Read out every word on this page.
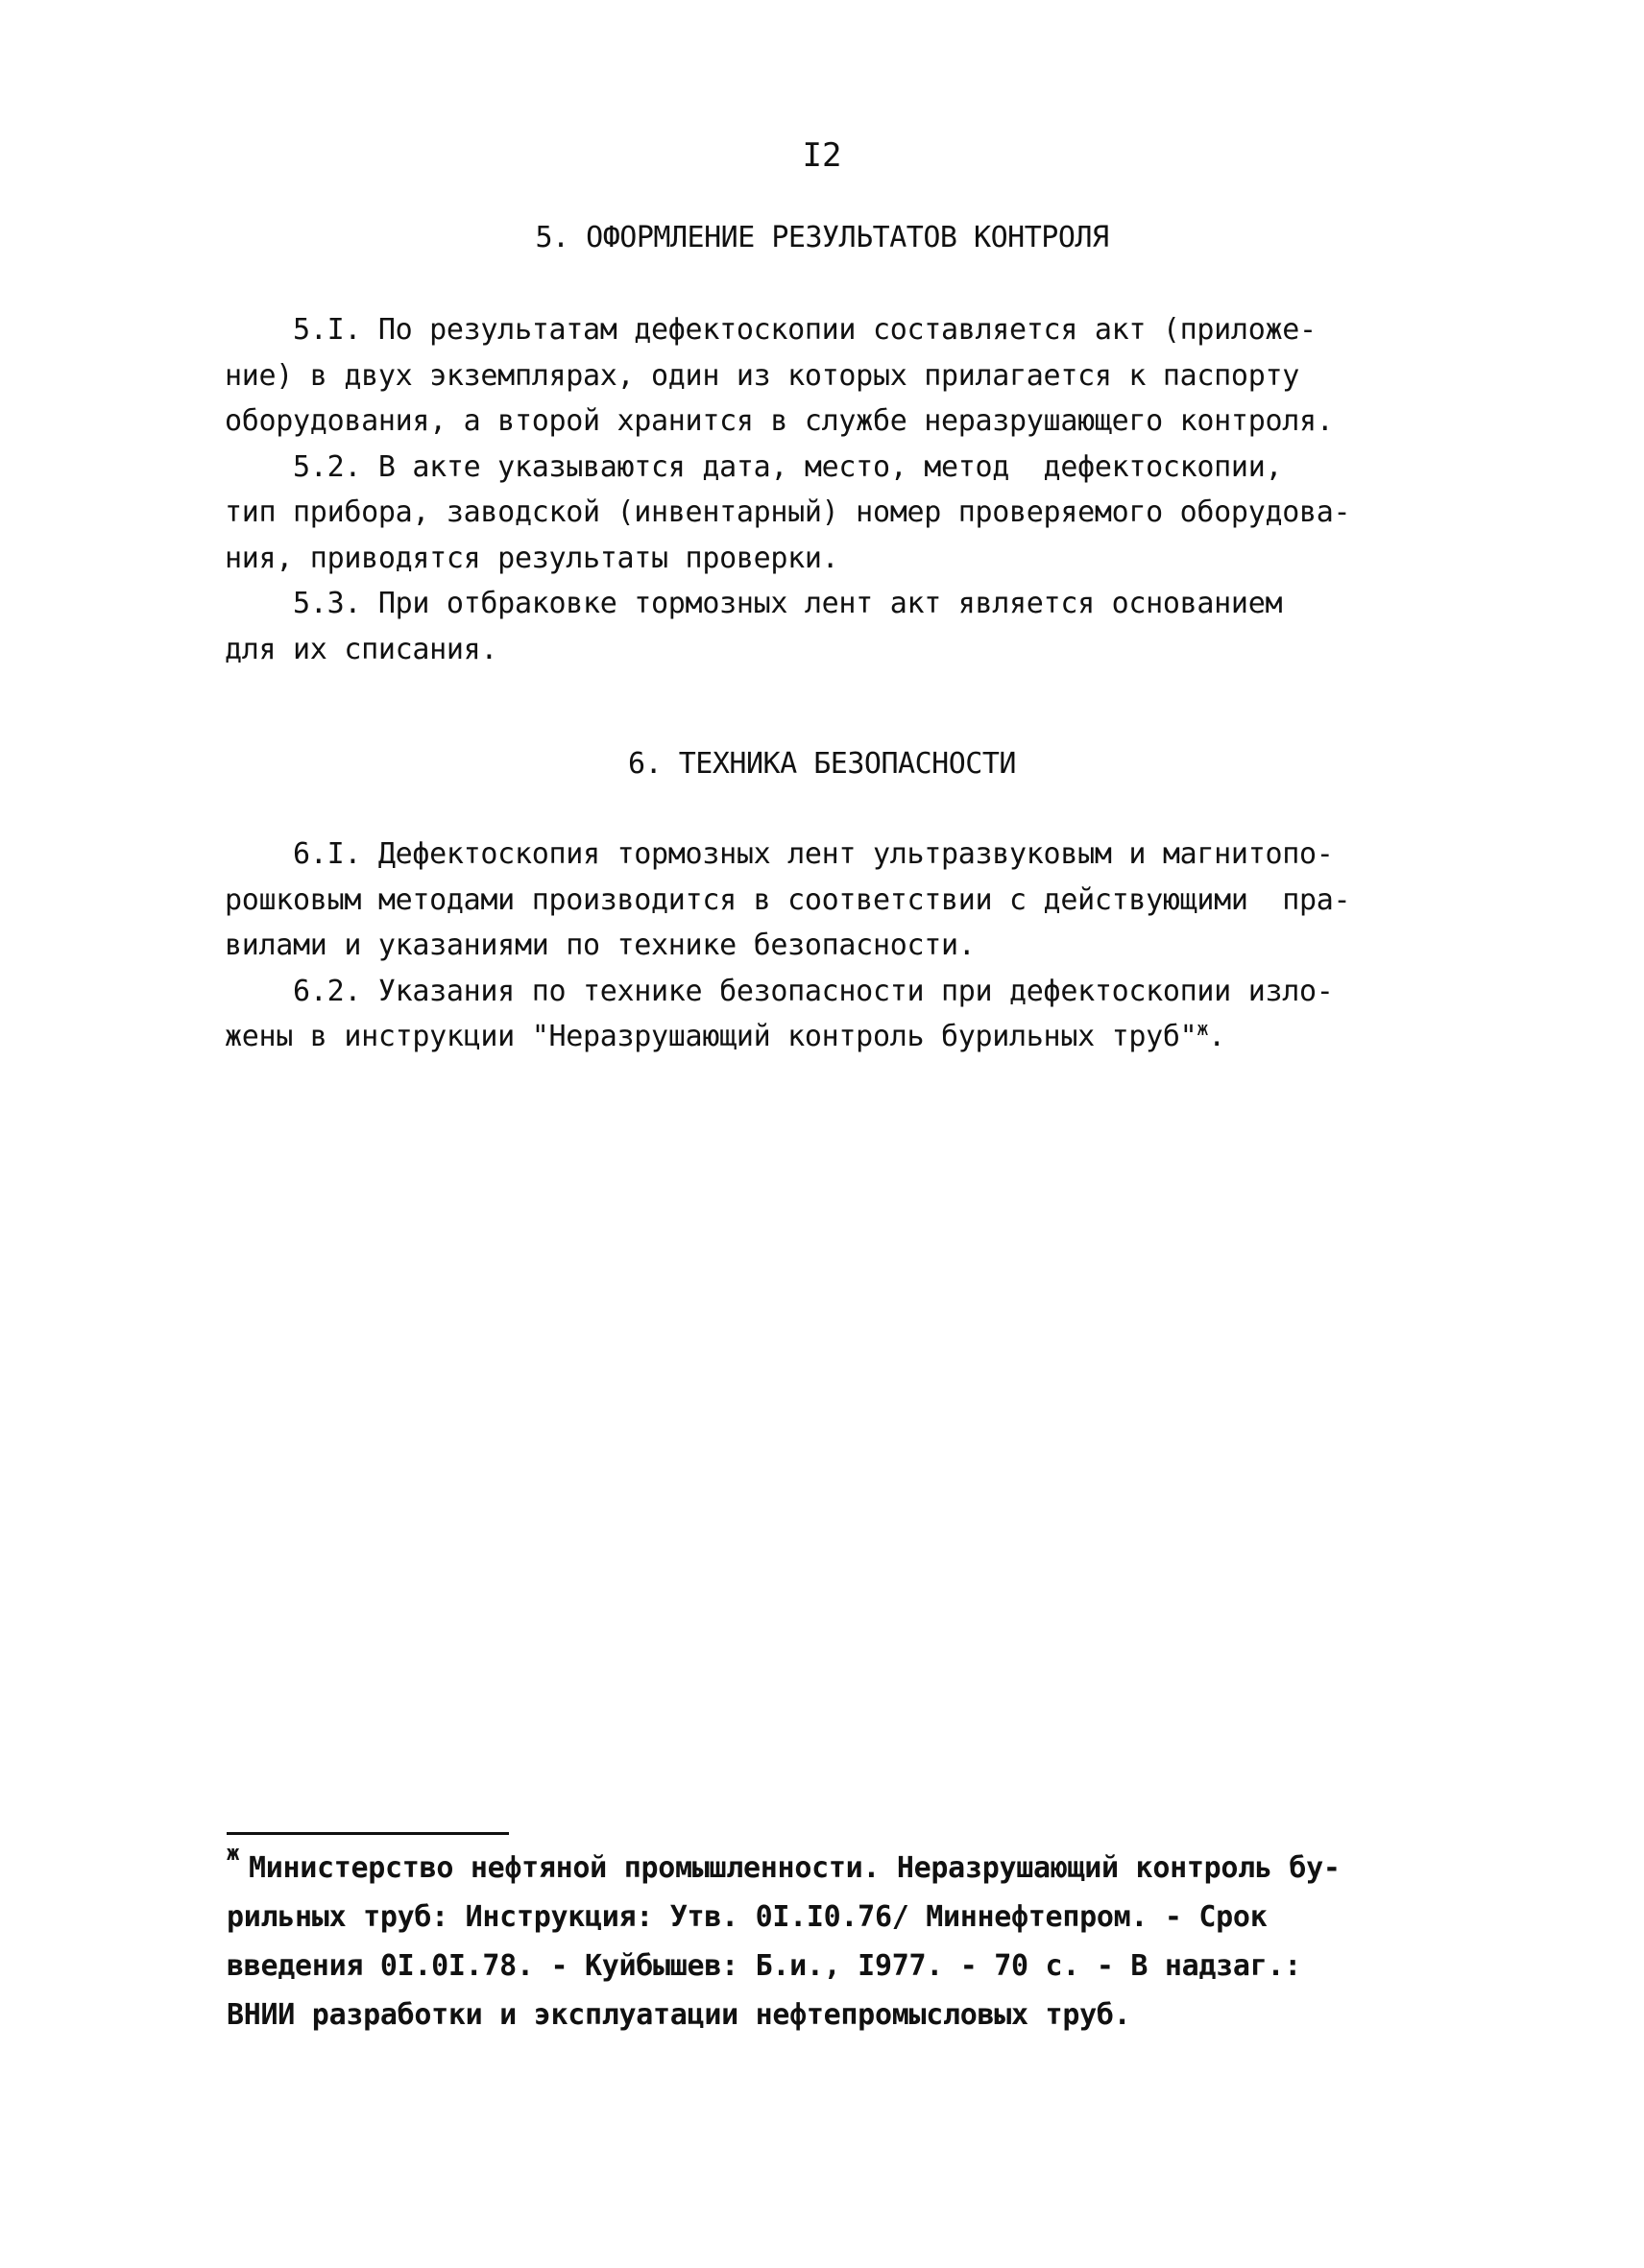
I2
5. ОФОРМЛЕНИЕ РЕЗУЛЬТАТОВ КОНТРОЛЯ
5.I. По результатам дефектоскопии составляется акт (приложе-
ние) в двух экземплярах, один из которых прилагается к паспорту
оборудования, а второй хранится в службе неразрушающего контроля.
5.2. В акте указываются дата, место, метод  дефектоскопии,
тип прибора, заводской (инвентарный) номер проверяемого оборудова-
ния, приводятся результаты проверки.
5.3. При отбраковке тормозных лент акт является основанием
для их списания.
6. ТЕХНИКА БЕЗОПАСНОСТИ
6.I. Дефектоскопия тормозных лент ультразвуковым и магнитопо-
рошковым методами производится в соответствии с действующими  пра-
вилами и указаниями по технике безопасности.
6.2. Указания по технике безопасности при дефектоскопии изло-
жены в инструкции "Неразрушающий контроль бурильных труб"$^ж$.
ж Министерство нефтяной промышленности. Неразрушающий контроль бу-
рильных труб: Инструкция: Утв. 0I.I0.76/ Миннефтепром. - Срок
введения 0I.0I.78. - Куйбышев: Б.и., I977. - 70 с. - В надзаг.:
ВНИИ разработки и эксплуатации нефтепромысловых труб.
